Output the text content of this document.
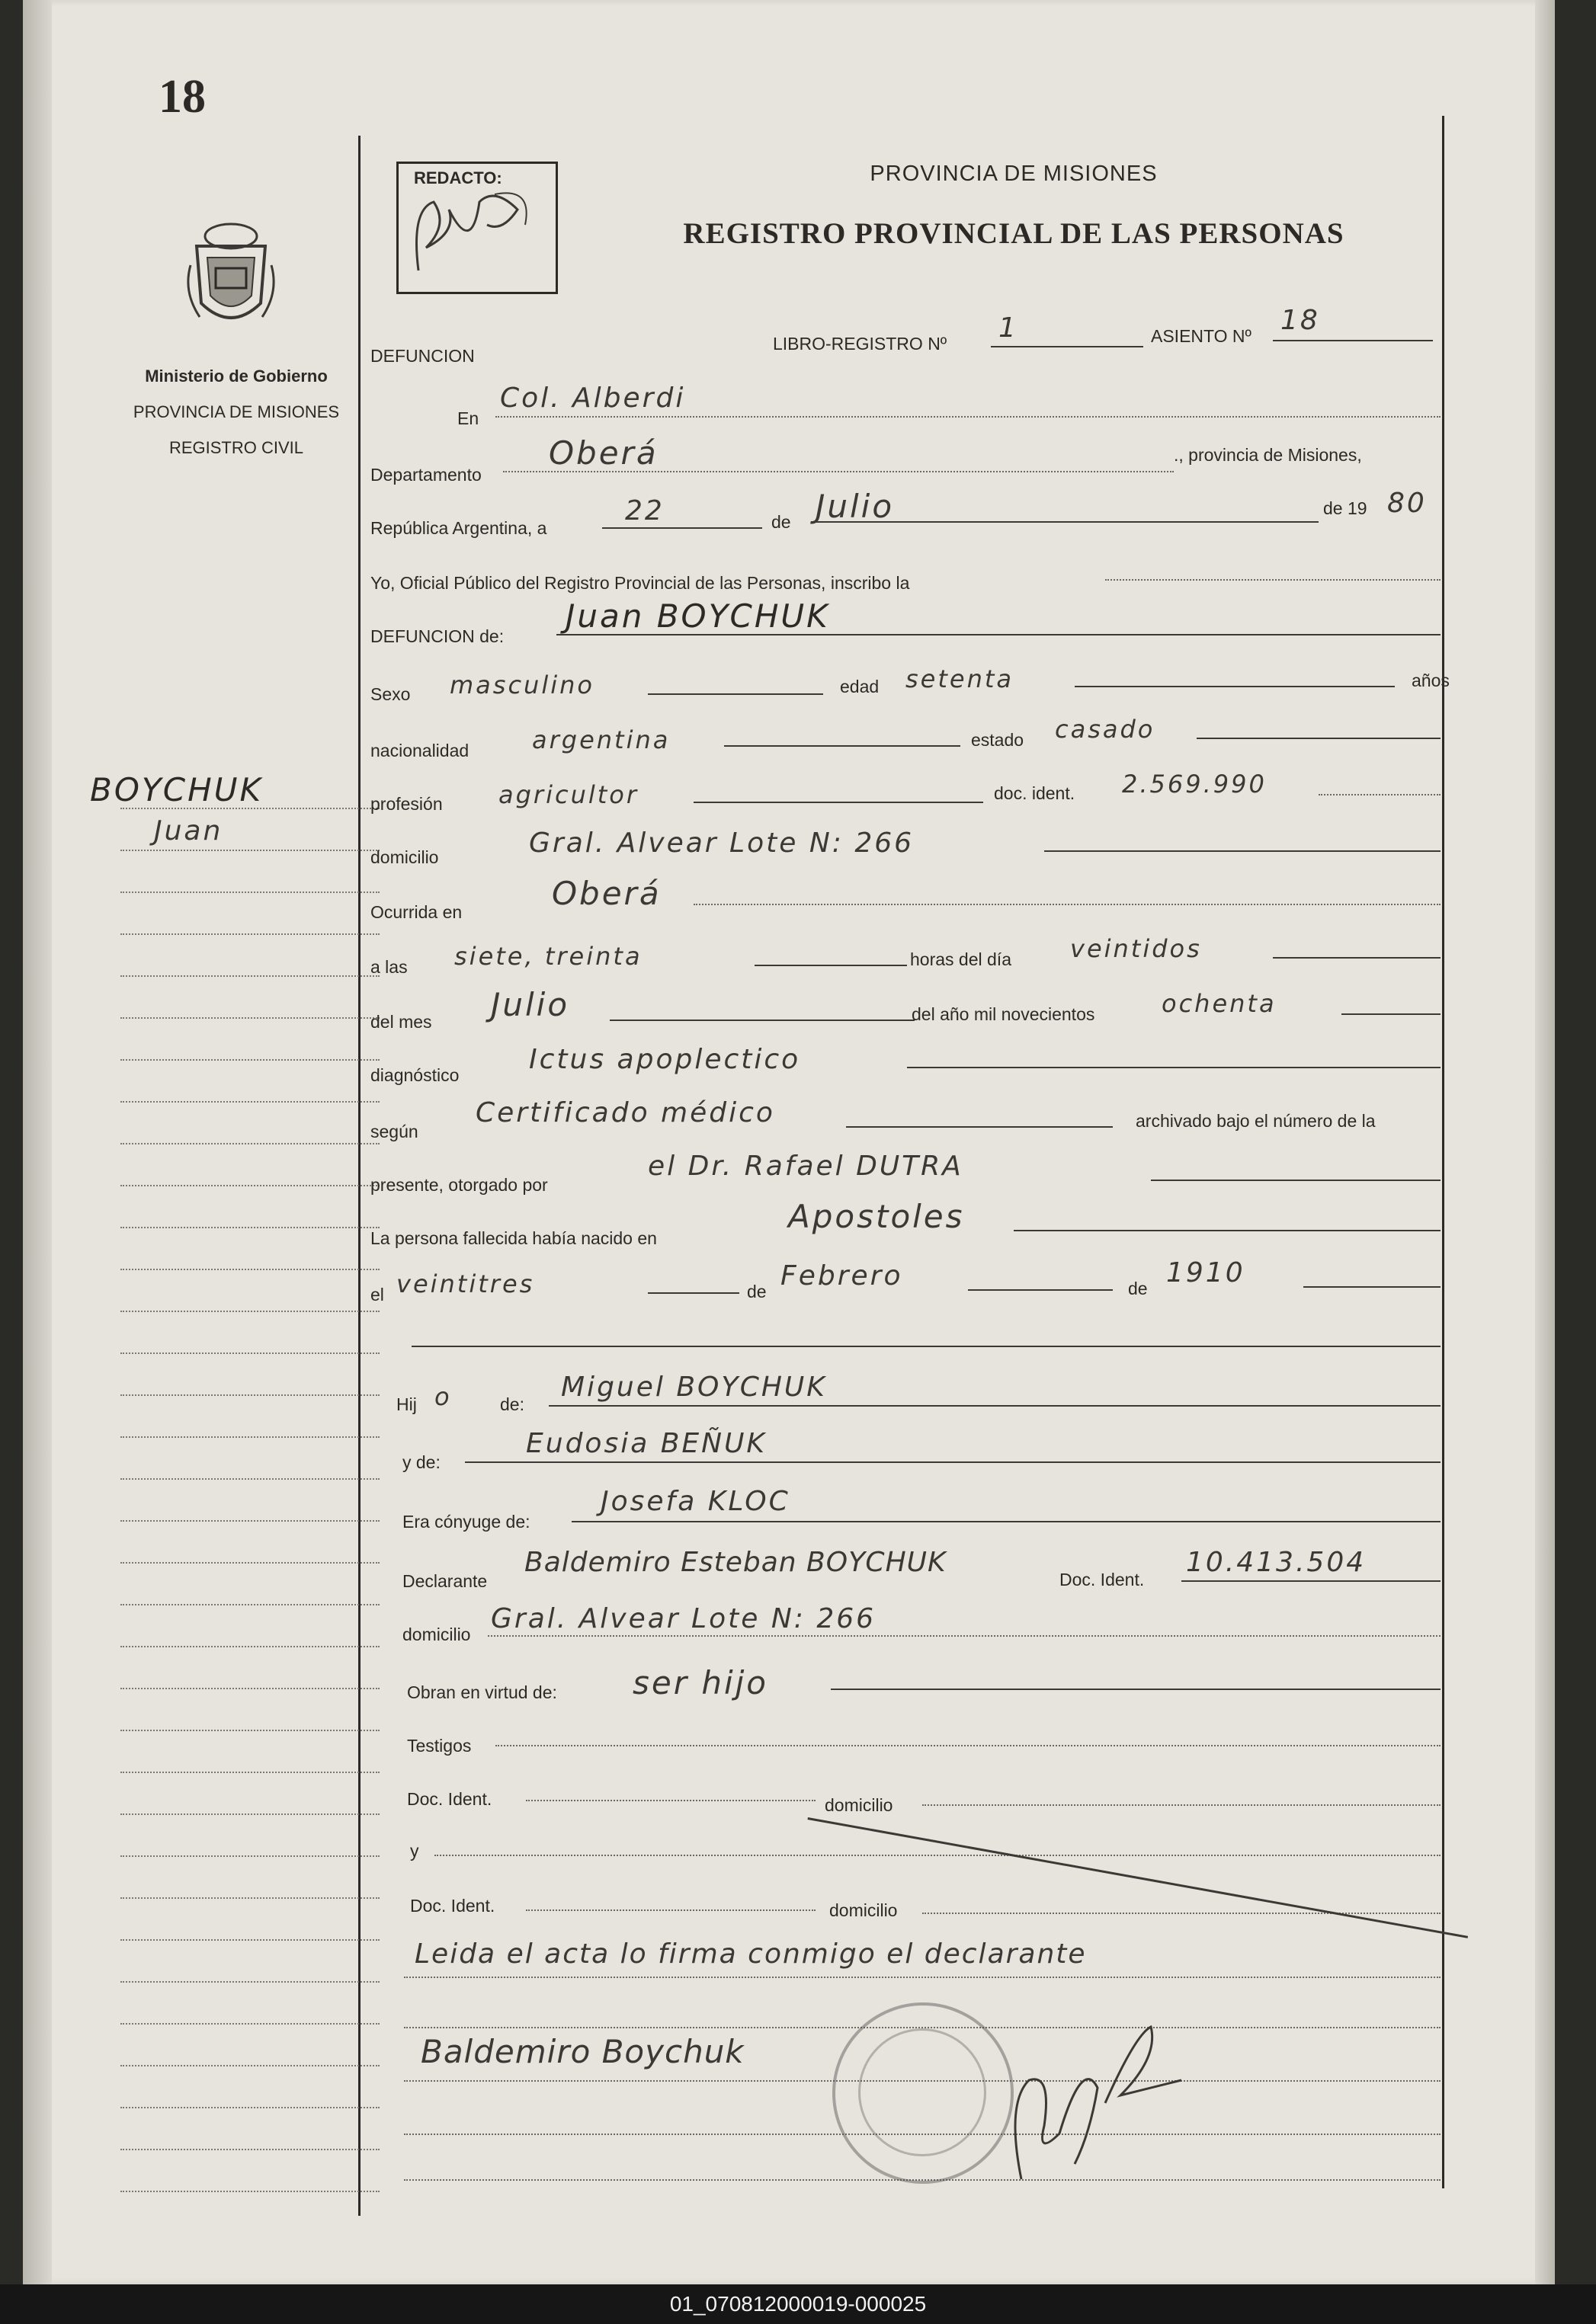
18
Ministerio de Gobierno
PROVINCIA DE MISIONES
REGISTRO CIVIL
BOYCHUK
Juan
REDACTO:	PROVINCIA DE MISIONES
REGISTRO PROVINCIAL DE LAS PERSONAS
DEFUNCION
LIBRO-REGISTRO Nº 1	ASIENTO Nº 18
En
Col. Alberdi
Departamento
Oberá	., provincia de Misiones,
República Argentina, a
22	de Julio	de 19 80
Yo, Oficial Público del Registro Provincial de las Personas, inscribo la
DEFUNCION de:
Juan BOYCHUK
Sexo masculino	edad setenta	años
nacionalidad	argentina	estado casado
profesión agricultor	doc. ident. 2.569.990
domicilio	Gral. Alvear Lote N: 266
Ocurrida en	Oberá
a las siete, treinta	horas del día veintidos
del mes Julio	del año mil novecientos	ochenta
diagnóstico	Ictus apoplectico
según
Certificado médico	archivado bajo el número de la
presente, otorgado por
el Dr. Rafael DUTRA
La persona fallecida había nacido en
Apostoles
el veintitres	de Febrero	de 1910
Hij o	de:
Miguel BOYCHUK
y de:
Eudosia BEÑUK
Era cónyuge de:
Josefa KLOC
Declarante
Baldemiro Esteban BOYCHUK
Doc. Ident.
10.413.504
domicilio Gral. Alvear Lote N: 266
Obran en virtud de: ser hijo
Testigos
Doc. Ident.	domicilio
y
Doc. Ident.	domicilio
Leida el acta lo firma conmigo el declarante
Baldemiro Boychuk
01_070812000019-000025
